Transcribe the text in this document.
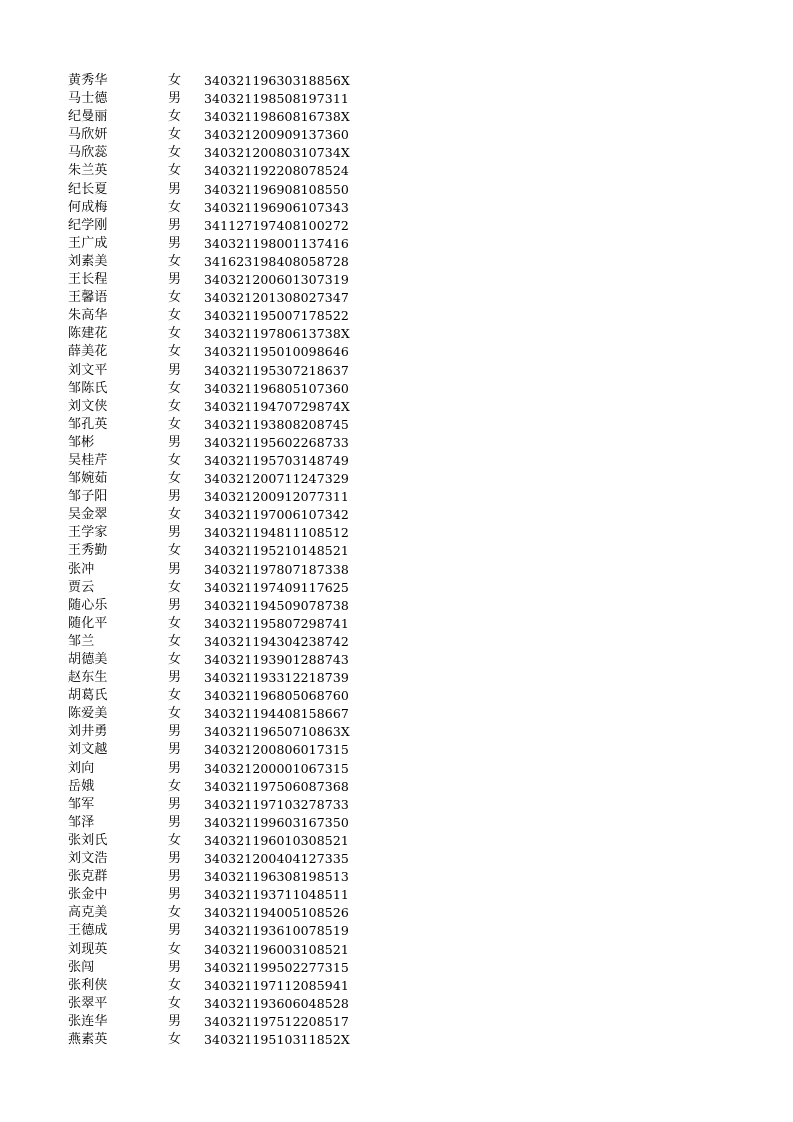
黄秀华	女 34032119630318856X
马士德	男 340321198508197311
纪曼丽	女 34032119860816738X
马欣妍	女 340321200909137360
马欣蕊	女 34032120080310734X
朱兰英	女 340321192208078524
纪长夏	男 340321196908108550
何成梅	女 340321196906107343
纪学刚	男 341127197408100272
王广成	男 340321198001137416
刘素美	女 341623198408058728
王长程	男 340321200601307319
王馨语	女 340321201308027347
朱高华	女 340321195007178522
陈建花	女 34032119780613738X
薛美花	女 340321195010098646
刘文平	男 340321195307218637
邹陈氏	女 340321196805107360
刘文侠	女 34032119470729874X
邹孔英	女 340321193808208745
邹彬	男 340321195602268733
吴桂芹	女 340321195703148749
邹婉茹	女 340321200711247329
邹子阳	男 340321200912077311
吴金翠	女 340321197006107342
王学家	男 340321194811108512
王秀勤	女 340321195210148521
张冲	男 340321197807187338
贾云	女 340321197409117625
随心乐	男 340321194509078738
随化平	女 340321195807298741
邹兰	女 340321194304238742
胡德美	女 340321193901288743
赵东生	男 340321193312218739
胡葛氏	女 340321196805068760
陈爱美	女 340321194408158667
刘井勇	男 34032119650710863X
刘文越	男 340321200806017315
刘向	男 340321200001067315
岳娥	女 340321197506087368
邹军	男 340321197103278733
邹泽	男 340321199603167350
张刘氏	女 340321196010308521
刘文浩	男 340321200404127335
张克群	男 340321196308198513
张金中	男 340321193711048511
高克美	女 340321194005108526
王德成	男 340321193610078519
刘现英	女 340321196003108521
张闯	男 340321199502277315
张利侠	女 340321197112085941
张翠平	女 340321193606048528
张连华	男 340321197512208517
燕素英	女 34032119510311852X
